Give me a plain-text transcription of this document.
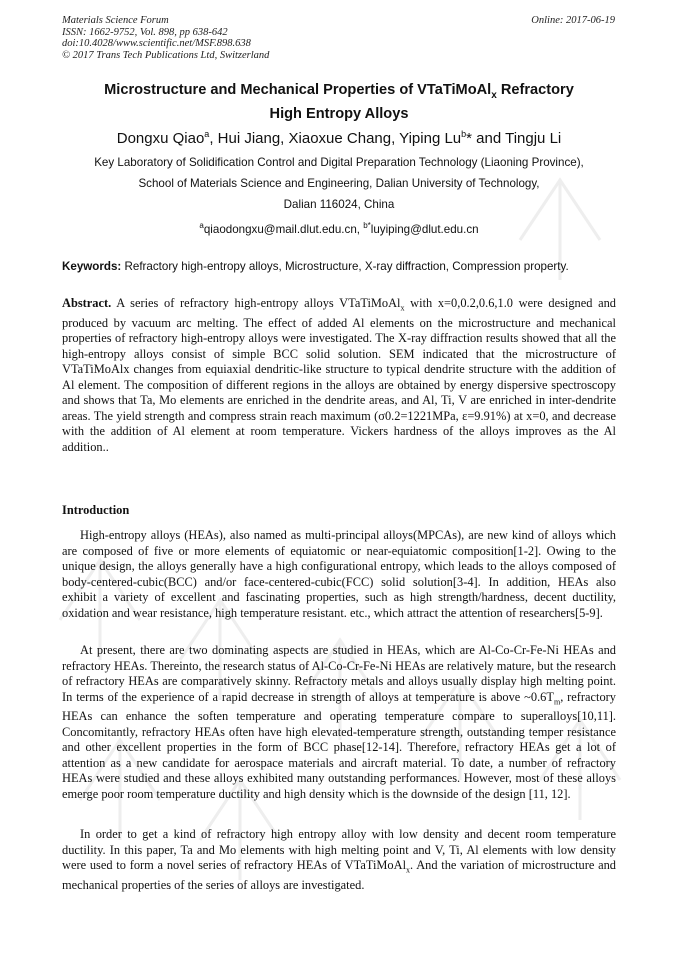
Materials Science Forum
ISSN: 1662-9752, Vol. 898, pp 638-642
doi:10.4028/www.scientific.net/MSF.898.638
© 2017 Trans Tech Publications Ltd, Switzerland
Online: 2017-06-19
Microstructure and Mechanical Properties of VTaTiMoAl$_x$ Refractory
High Entropy Alloys
Dongxu Qiao$^a$, Hui Jiang, Xiaoxue Chang, Yiping Lu$^b$* and Tingju Li
Key Laboratory of Solidification Control and Digital Preparation Technology (Liaoning Province),
School of Materials Science and Engineering, Dalian University of Technology,
Dalian 116024, China
$^a$qiaodongxu@mail.dlut.edu.cn, $^{b*}$luyiping@dlut.edu.cn
Keywords: Refractory high-entropy alloys, Microstructure, X-ray diffraction, Compression property.
Abstract. A series of refractory high-entropy alloys VTaTiMoAl$_x$ with x=0,0.2,0.6,1.0 were designed and produced by vacuum arc melting. The effect of added Al elements on the microstructure and mechanical properties of refractory high-entropy alloys were investigated. The X-ray diffraction results showed that all the high-entropy alloys consist of simple BCC solid solution. SEM indicated that the microstructure of VTaTiMoAlx changes from equiaxial dendritic-like structure to typical dendrite structure with the addition of Al element. The composition of different regions in the alloys are obtained by energy dispersive spectroscopy and shows that Ta, Mo elements are enriched in the dendrite areas, and Al, Ti, V are enriched in inter-dendrite areas. The yield strength and compress strain reach maximum (σ0.2=1221MPa, ε=9.91%) at x=0, and decrease with the addition of Al element at room temperature. Vickers hardness of the alloys improves as the Al addition..
Introduction
High-entropy alloys (HEAs), also named as multi-principal alloys(MPCAs), are new kind of alloys which are composed of five or more elements of equiatomic or near-equiatomic composition[1-2]. Owing to the unique design, the alloys generally have a high configurational entropy, which leads to the alloys composed of body-centered-cubic(BCC) and/or face-centered-cubic(FCC) solid solution[3-4]. In addition, HEAs also exhibit a variety of excellent and fascinating properties, such as high strength/hardness, decent ductility, oxidation and wear resistance, high temperature resistant. etc., which attract the attention of researchers[5-9].
At present, there are two dominating aspects are studied in HEAs, which are Al-Co-Cr-Fe-Ni HEAs and refractory HEAs. Thereinto, the research status of Al-Co-Cr-Fe-Ni HEAs are relatively mature, but the research of refractory HEAs are comparatively skinny. Refractory metals and alloys usually display high melting point. In terms of the experience of a rapid decrease in strength of alloys at temperature is above $\sim 0.6T_m$, refractory HEAs can enhance the soften temperature and operating temperature compare to superalloys[10,11]. Concomitantly, refractory HEAs often have high elevated-temperature strength, outstanding temper resistance and other excellent properties in the form of BCC phase[12-14]. Therefore, refractory HEAs get a lot of attention as a new candidate for aerospace materials and aircraft material. To date, a number of refractory HEAs were studied and these alloys exhibited many outstanding performances. However, most of these alloys emerge poor room temperature ductility and high density which is the downside of the design [11, 12].
In order to get a kind of refractory high entropy alloy with low density and decent room temperature ductility. In this paper, Ta and Mo elements with high melting point and V, Ti, Al elements with low density were used to form a novel series of refractory HEAs of VTaTiMoAl$_x$. And the variation of microstructure and mechanical properties of the series of alloys are investigated.
